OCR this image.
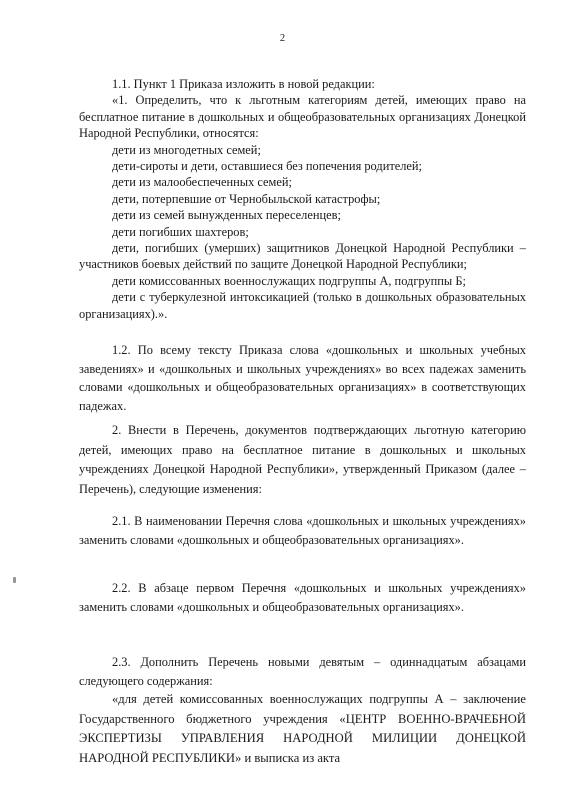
2

1.1. Пункт 1 Приказа изложить в новой редакции:

«1. Определить, что к льготным категориям детей, имеющих право на бесплатное питание в дошкольных и общеобразовательных организациях Донецкой Народной Республики, относятся:

дети из многодетных семей;

дети-сироты и дети, оставшиеся без попечения родителей;

дети из малообеспеченных семей;

дети, потерпевшие от Чернобыльской катастрофы;

дети из семей вынужденных переселенцев;

дети погибших шахтеров;

дети, погибших (умерших) защитников Донецкой Народной Республики – участников боевых действий по защите Донецкой Народной Республики;

дети комиссованных военнослужащих подгруппы А, подгруппы Б;

дети с туберкулезной интоксикацией (только в дошкольных образовательных организациях).».

1.2. По всему тексту Приказа слова «дошкольных и школьных учебных заведениях» и «дошкольных и школьных учреждениях» во всех падежах заменить словами «дошкольных и общеобразовательных организациях» в соответствующих падежах.

2. Внести в Перечень, документов подтверждающих льготную категорию детей, имеющих право на бесплатное питание в дошкольных и школьных учреждениях Донецкой Народной Республики», утвержденный Приказом (далее – Перечень), следующие изменения:

2.1. В наименовании Перечня слова «дошкольных и школьных учреждениях» заменить словами «дошкольных и общеобразовательных организациях».

2.2. В абзаце первом Перечня «дошкольных и школьных учреждениях» заменить словами «дошкольных и общеобразовательных организациях».

2.3. Дополнить Перечень новыми девятым – одиннадцатым абзацами следующего содержания:

«для детей комиссованных военнослужащих подгруппы А – заключение Государственного бюджетного учреждения «ЦЕНТР ВОЕННО-ВРАЧЕБНОЙ ЭКСПЕРТИЗЫ УПРАВЛЕНИЯ НАРОДНОЙ МИЛИЦИИ ДОНЕЦКОЙ НАРОДНОЙ РЕСПУБЛИКИ» и выписка из акта
